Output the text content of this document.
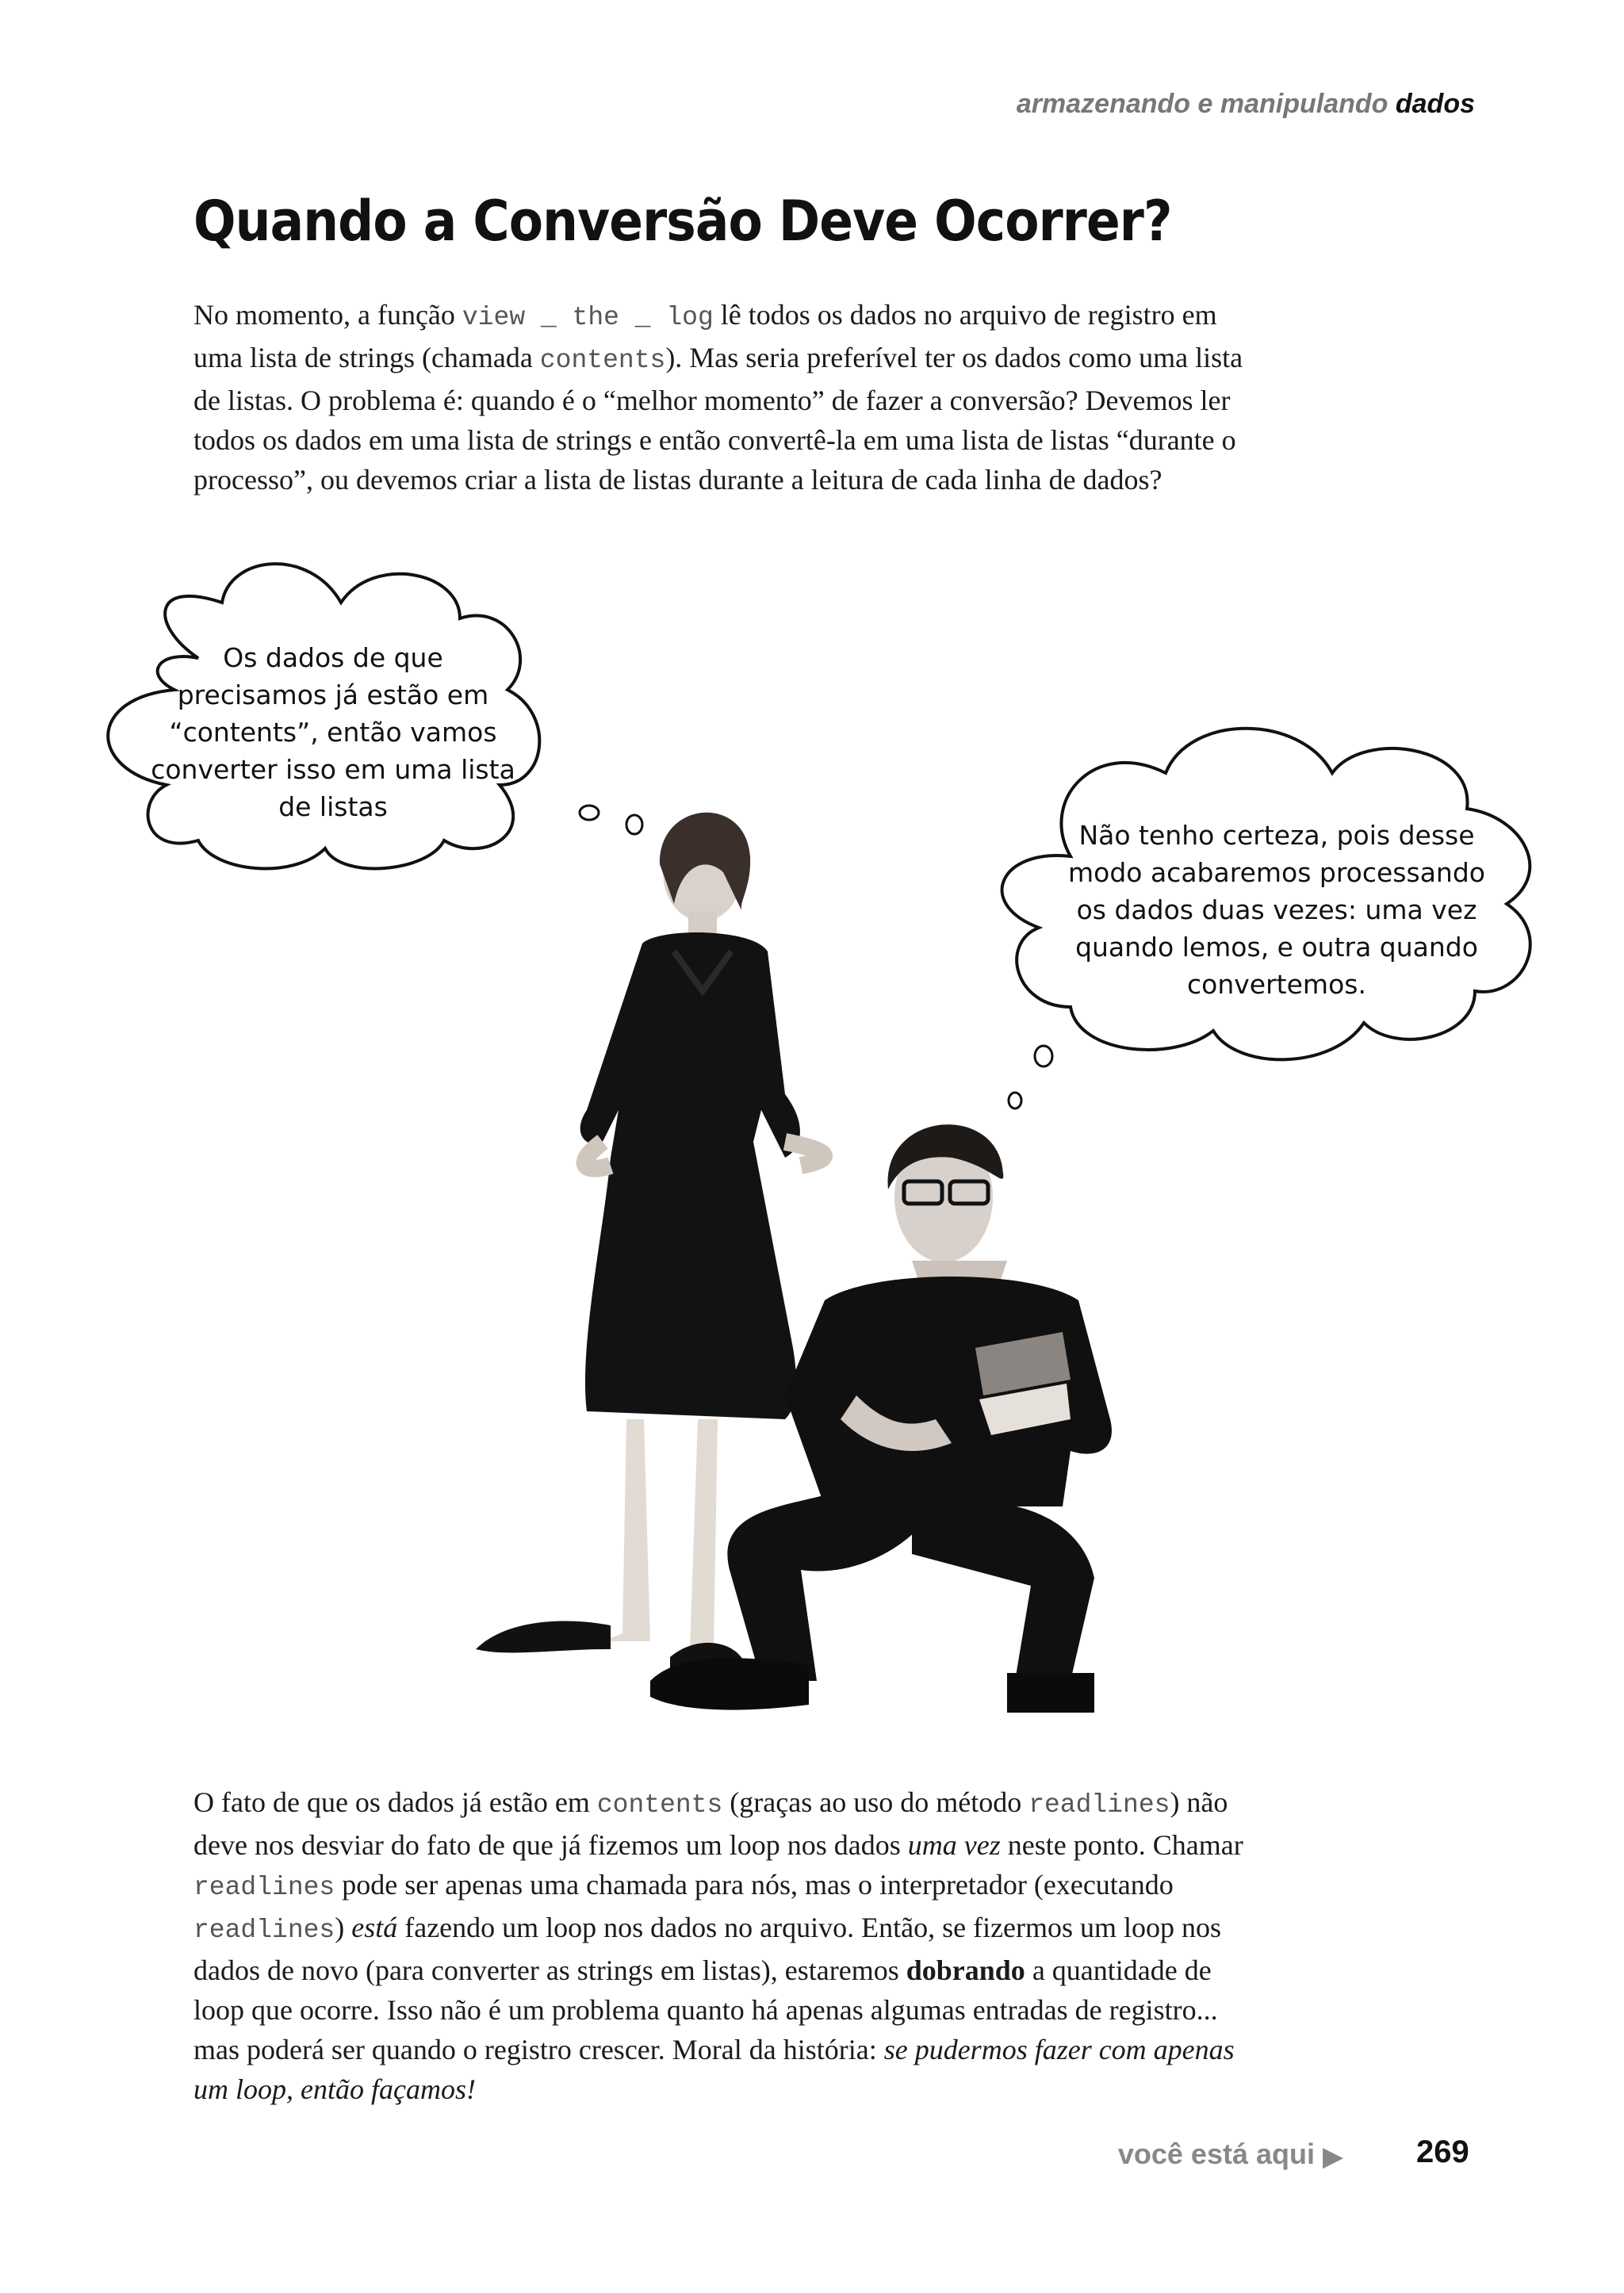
armazenando e manipulando dados
Quando a Conversão Deve Ocorrer?

No momento, a função view _ the _ log lê todos os dados no arquivo de registro em uma lista de strings (chamada contents). Mas seria preferível ter os dados como uma lista de listas. O problema é: quando é o “melhor momento” de fazer a conversão? Devemos ler todos os dados em uma lista de strings e então convertê-la em uma lista de listas “durante o processo”, ou devemos criar a lista de listas durante a leitura de cada linha de dados?

Os dados de que precisamos já estão em “contents”, então vamos converter isso em uma lista de listas
Não tenho certeza, pois desse modo acabaremos processando os dados duas vezes: uma vez quando lemos, e outra quando convertemos.

O fato de que os dados já estão em contents (graças ao uso do método readlines) não deve nos desviar do fato de que já fizemos um loop nos dados uma vez neste ponto. Chamar readlines pode ser apenas uma chamada para nós, mas o interpretador (executando readlines) está fazendo um loop nos dados no arquivo. Então, se fizermos um loop nos dados de novo (para converter as strings em listas), estaremos dobrando a quantidade de loop que ocorre. Isso não é um problema quanto há apenas algumas entradas de registro... mas poderá ser quando o registro crescer. Moral da história: se pudermos fazer com apenas um loop, então façamos!

você está aqui ▶ 269
